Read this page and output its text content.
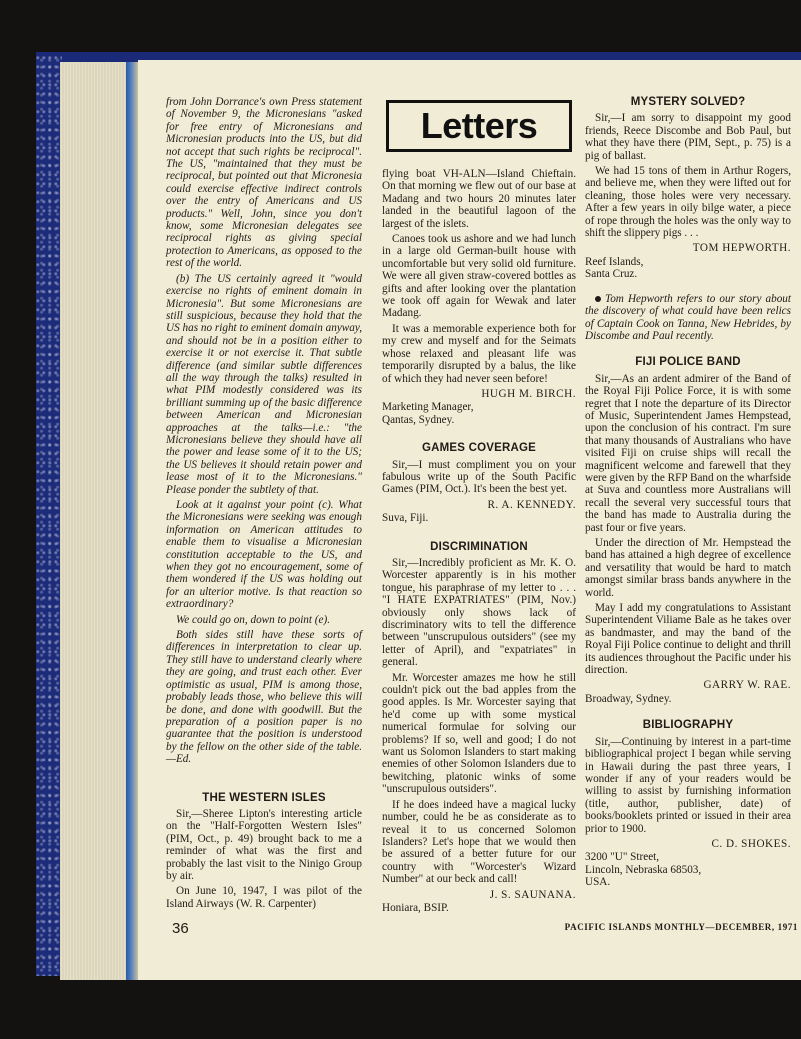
Letters

from John Dorrance's own Press statement of November 9, the Micronesians "asked for free entry of Micronesians and Micronesian products into the US, but did not accept that such rights be reciprocal". The US, "maintained that they must be reciprocal, but pointed out that Micronesia could exercise effective indirect controls over the entry of Americans and US products." Well, John, since you don't know, some Micronesian delegates see reciprocal rights as giving special protection to Americans, as opposed to the rest of the world.

(b) The US certainly agreed it "would exercise no rights of eminent domain in Micronesia". But some Micronesians are still suspicious, because they hold that the US has no right to eminent domain anyway, and should not be in a position either to exercise it or not exercise it. That subtle difference (and similar subtle differences all the way through the talks) resulted in what PIM modestly considered was its brilliant summing up of the basic difference between American and Micronesian approaches at the talks—i.e.: "the Micronesians believe they should have all the power and lease some of it to the US; the US believes it should retain power and lease most of it to the Micronesians." Please ponder the subtlety of that.

Look at it against your point (c). What the Micronesians were seeking was enough information on American attitudes to enable them to visualise a Micronesian constitution acceptable to the US, and when they got no encouragement, some of them wondered if the US was holding out for an ulterior motive. Is that reaction so extraordinary?

We could go on, down to point (e).

Both sides still have these sorts of differences in interpretation to clear up. They still have to understand clearly where they are going, and trust each other. Ever optimistic as usual, PIM is among those, probably leads those, who believe this will be done, and done with goodwill. But the preparation of a position paper is no guarantee that the position is understood by the fellow on the other side of the table.—Ed.

THE WESTERN ISLES

Sir,—Sheree Lipton's interesting article on the "Half-Forgotten Western Isles" (PIM, Oct., p. 49) brought back to me a reminder of what was the first and probably the last visit to the Ninigo Group by air.

On June 10, 1947, I was pilot of the Island Airways (W. R. Carpenter)

flying boat VH-ALN—Island Chieftain. On that morning we flew out of our base at Madang and two hours 20 minutes later landed in the beautiful lagoon of the largest of the islets.

Canoes took us ashore and we had lunch in a large old German-built house with uncomfortable but very solid old furniture. We were all given straw-covered bottles as gifts and after looking over the plantation we took off again for Wewak and later Madang.

It was a memorable experience both for my crew and myself and for the Seimats whose relaxed and pleasant life was temporarily disrupted by a balus, the like of which they had never seen before!

HUGH M. BIRCH.

Marketing Manager,

Qantas, Sydney.

GAMES COVERAGE

Sir,—I must compliment you on your fabulous write up of the South Pacific Games (PIM, Oct.). It's been the best yet.

R. A. KENNEDY.

Suva, Fiji.

DISCRIMINATION

Sir,—Incredibly proficient as Mr. K. O. Worcester apparently is in his mother tongue, his paraphrase of my letter to . . . "I HATE EXPATRIATES" (PIM, Nov.) obviously only shows lack of discriminatory wits to tell the difference between "unscrupulous outsiders" (see my letter of April), and "expatriates" in general.

Mr. Worcester amazes me how he still couldn't pick out the bad apples from the good apples. Is Mr. Worcester saying that he'd come up with some mystical numerical formulae for solving our problems? If so, well and good; I do not want us Solomon Islanders to start making enemies of other Solomon Islanders due to bewitching, platonic winks of some "unscrupulous outsiders".

If he does indeed have a magical lucky number, could he be as considerate as to reveal it to us concerned Solomon Islanders? Let's hope that we would then be assured of a better future for our country with "Worcester's Wizard Number" at our beck and call!

J. S. SAUNANA.

Honiara, BSIP.

MYSTERY SOLVED?

Sir,—I am sorry to disappoint my good friends, Reece Discombe and Bob Paul, but what they have there (PIM, Sept., p. 75) is a pig of ballast.

We had 15 tons of them in Arthur Rogers, and believe me, when they were lifted out for cleaning, those holes were very necessary. After a few years in oily bilge water, a piece of rope through the holes was the only way to shift the slippery pigs . . .

TOM HEPWORTH.

Reef Islands,

Santa Cruz.

Tom Hepworth refers to our story about the discovery of what could have been relics of Captain Cook on Tanna, New Hebrides, by Discombe and Paul recently.

FIJI POLICE BAND

Sir,—As an ardent admirer of the Band of the Royal Fiji Police Force, it is with some regret that I note the departure of its Director of Music, Superintendent James Hempstead, upon the conclusion of his contract. I'm sure that many thousands of Australians who have visited Fiji on cruise ships will recall the magnificent welcome and farewell that they were given by the RFP Band on the wharfside at Suva and countless more Australians will recall the several very successful tours that the band has made to Australia during the past four or five years.

Under the direction of Mr. Hempstead the band has attained a high degree of excellence and versatility that would be hard to match amongst similar brass bands anywhere in the world.

May I add my congratulations to Assistant Superintendent Viliame Bale as he takes over as bandmaster, and may the band of the Royal Fiji Police continue to delight and thrill its audiences throughout the Pacific under his direction.

GARRY W. RAE.

Broadway, Sydney.

BIBLIOGRAPHY

Sir,—Continuing by interest in a part-time bibliographical project I began while serving in Hawaii during the past three years, I wonder if any of your readers would be willing to assist by furnishing information (title, author, publisher, date) of books/booklets printed or issued in their area prior to 1900.

C. D. SHOKES.

3200 "U" Street,

Lincoln, Nebraska 68503,

USA.

36	PACIFIC ISLANDS MONTHLY—DECEMBER, 1971
